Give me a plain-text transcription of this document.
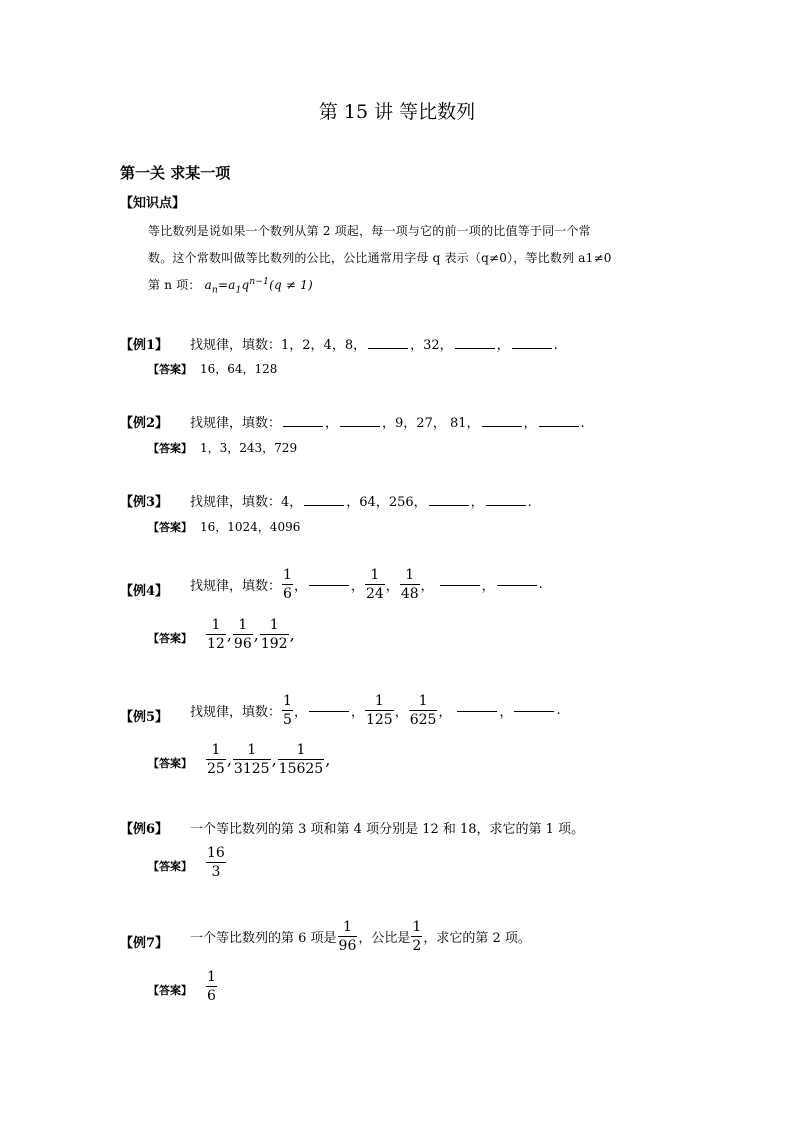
第 15 讲 等比数列
第一关 求某一项
【知识点】
等比数列是说如果一个数列从第 2 项起，每一项与它的前一项的比值等于同一个常
数。这个常数叫做等比数列的公比，公比通常用字母 q 表示（q≠0），等比数列 a1≠0
第 n 项： $a_n=a_1q^{n-1}(q \ne 1)$
【例1】 找规律，填数：1，2，4，8，	，32，	，	.
【答案】 16，64，128
【例2】 找规律，填数：	，	，9，27， 81，	，	.
【答案】 1，3，243，729
【例3】 找规律，填数：4，	，64，256，	，	.
【答案】 16，1024，4096
【例4】 找规律，填数： $\frac{1}{6}$ ，	， $\frac{1}{24}$ ， $\frac{1}{48}$ ，	，	.
【答案】 $\frac{1}{12}$ , $\frac{1}{96}$ , $\frac{1}{192}$ ,
【例5】 找规律，填数： $\frac{1}{5}$ ，	， $\frac{1}{125}$ ， $\frac{1}{625}$ ，	，	.
【答案】 $\frac{1}{25}$ , $\frac{1}{3125}$ , $\frac{1}{15625}$ ,
【例6】 一个等比数列的第 3 项和第 4 项分别是 12 和 18，求它的第 1 项。
【答案】 $\frac{16}{3}$
【例7】 一个等比数列的第 6 项是 $\frac{1}{96}$ ，公比是 $\frac{1}{2}$ ，求它的第 2 项。
【答案】 $\frac{1}{6}$
